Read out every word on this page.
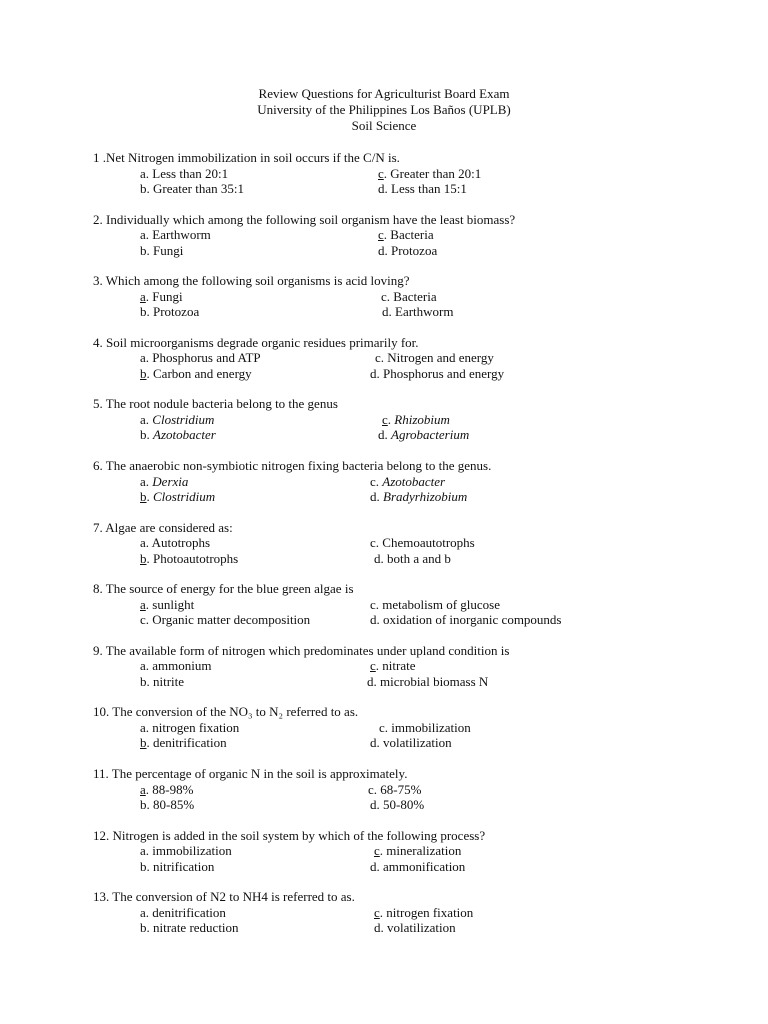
Review Questions for Agriculturist Board Exam
University of the Philippines Los Baños (UPLB)
Soil Science
1 .Net Nitrogen immobilization in soil occurs if the C/N is.
a. Less than 20:1	c. Greater than 20:1
b. Greater than 35:1	d. Less than 15:1
2. Individually which among the following soil organism have the least biomass?
a. Earthworm	c. Bacteria
b. Fungi	d. Protozoa
3. Which among the following soil organisms is acid loving?
a. Fungi	c. Bacteria
b. Protozoa	d. Earthworm
4. Soil microorganisms degrade organic residues primarily for.
a. Phosphorus and ATP	c. Nitrogen and energy
b. Carbon and energy	d. Phosphorus and energy
5. The root nodule bacteria belong to the genus
a. Clostridium	c. Rhizobium
b. Azotobacter	d. Agrobacterium
6. The anaerobic non-symbiotic nitrogen fixing bacteria belong to the genus.
a. Derxia	c. Azotobacter
b. Clostridium	d. Bradyrhizobium
7. Algae are considered as:
a. Autotrophs	c. Chemoautotrophs
b. Photoautotrophs	d. both a and b
8. The source of energy for the blue green algae is
a. sunlight	c. metabolism of glucose
c. Organic matter decomposition	d. oxidation of inorganic compounds
9. The available form of nitrogen which predominates under upland condition is
a. ammonium	c. nitrate
b. nitrite	d. microbial biomass N
10. The conversion of the NO₃ to N₂ referred to as.
a. nitrogen fixation	c. immobilization
b. denitrification	d. volatilization
11. The percentage of organic N in the soil is approximately.
a. 88-98%	c. 68-75%
b. 80-85%	d. 50-80%
12. Nitrogen is added in the soil system by which of the following process?
a. immobilization	c. mineralization
b. nitrification	d. ammonification
13. The conversion of N2 to NH4 is referred to as.
a. denitrification	c. nitrogen fixation
b. nitrate reduction	d. volatilization
